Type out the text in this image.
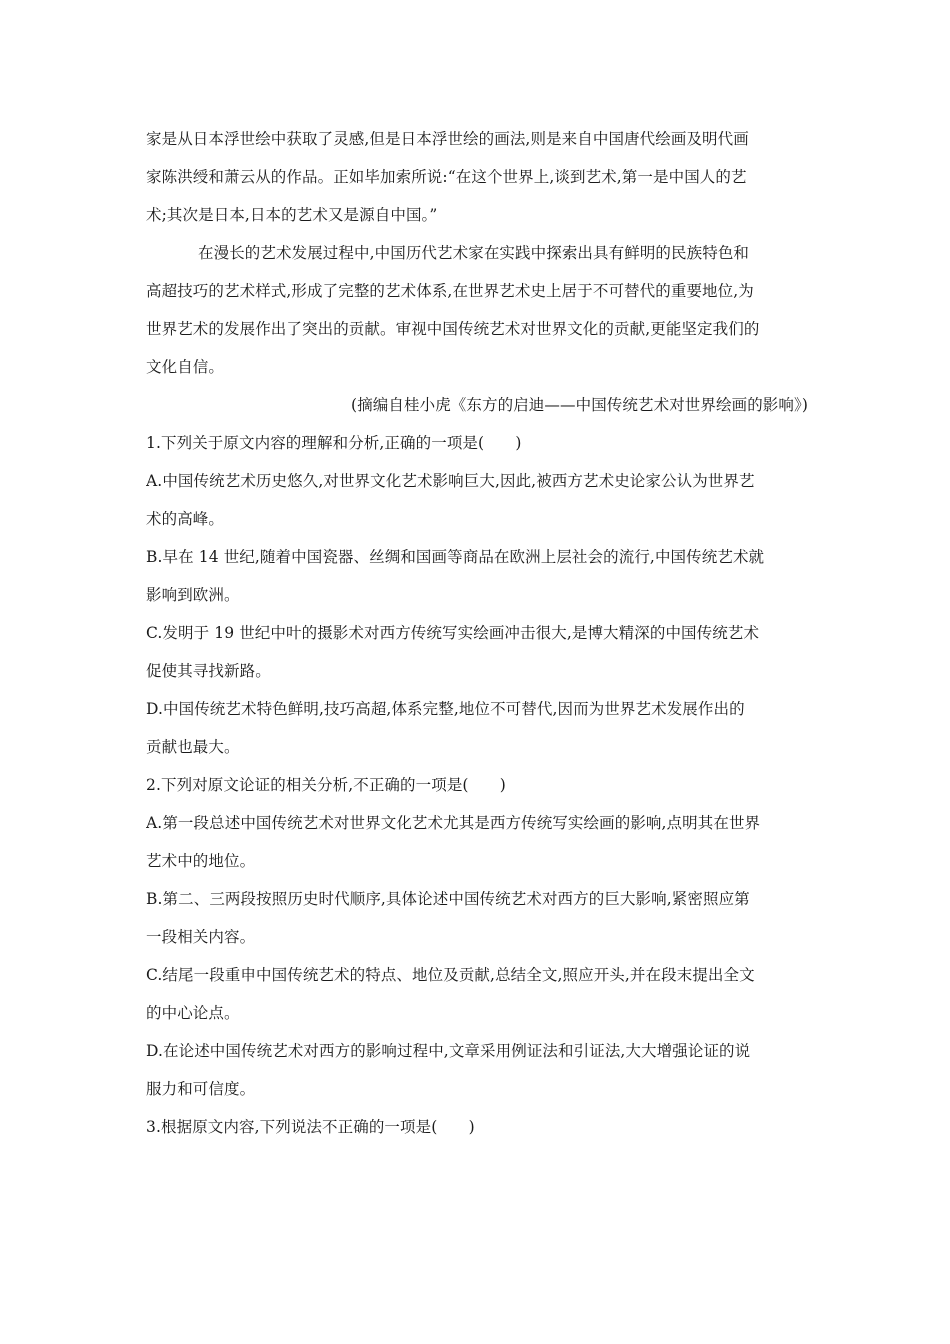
家是从日本浮世绘中获取了灵感,但是日本浮世绘的画法,则是来自中国唐代绘画及明代画
家陈洪绶和萧云从的作品。正如毕加索所说:“在这个世界上,谈到艺术,第一是中国人的艺
术;其次是日本,日本的艺术又是源自中国。”
在漫长的艺术发展过程中,中国历代艺术家在实践中探索出具有鲜明的民族特色和
高超技巧的艺术样式,形成了完整的艺术体系,在世界艺术史上居于不可替代的重要地位,为
世界艺术的发展作出了突出的贡献。审视中国传统艺术对世界文化的贡献,更能坚定我们的
文化自信。
(摘编自桂小虎《东方的启迪——中国传统艺术对世界绘画的影响》)
1.下列关于原文内容的理解和分析,正确的一项是(　　)
A.中国传统艺术历史悠久,对世界文化艺术影响巨大,因此,被西方艺术史论家公认为世界艺
术的高峰。
B.早在 14 世纪,随着中国瓷器、丝绸和国画等商品在欧洲上层社会的流行,中国传统艺术就
影响到欧洲。
C.发明于 19 世纪中叶的摄影术对西方传统写实绘画冲击很大,是博大精深的中国传统艺术
促使其寻找新路。
D.中国传统艺术特色鲜明,技巧高超,体系完整,地位不可替代,因而为世界艺术发展作出的
贡献也最大。
2.下列对原文论证的相关分析,不正确的一项是(　　)
A.第一段总述中国传统艺术对世界文化艺术尤其是西方传统写实绘画的影响,点明其在世界
艺术中的地位。
B.第二、三两段按照历史时代顺序,具体论述中国传统艺术对西方的巨大影响,紧密照应第
一段相关内容。
C.结尾一段重申中国传统艺术的特点、地位及贡献,总结全文,照应开头,并在段末提出全文
的中心论点。
D.在论述中国传统艺术对西方的影响过程中,文章采用例证法和引证法,大大增强论证的说
服力和可信度。
3.根据原文内容,下列说法不正确的一项是(　　)
